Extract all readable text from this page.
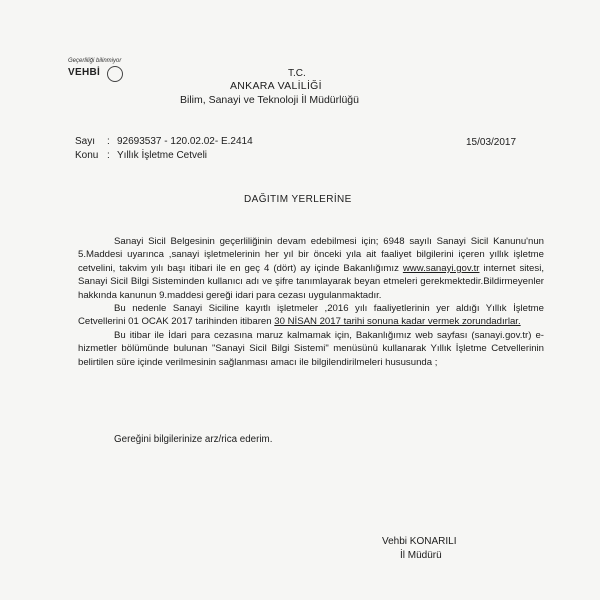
Geçerliliği bilinmiyor
VEHBİ	T.C.
ANKARA VALİLİĞİ
Bilim, Sanayi ve Teknoloji İl Müdürlüğü
Sayı	: 92693537 - 120.02.02- E.2414
Konu : Yıllık İşletme Cetveli
15/03/2017
DAĞITIM YERLERİNE

Sanayi Sicil Belgesinin geçerliliğinin devam edebilmesi için; 6948 sayılı Sanayi Sicil Kanunu'nun 5.Maddesi uyarınca ,sanayi işletmelerinin her yıl bir önceki yıla ait faaliyet bilgilerini içeren yıllık işletme cetvelini, takvim yılı başı itibari ile en geç 4 (dört) ay içinde Bakanlığımız www.sanayi.gov.tr internet sitesi, Sanayi Sicil Bilgi Sisteminden kullanıcı adı ve şifre tanımlayarak beyan etmeleri gerekmektedir.Bildirmeyenler hakkında kanunun 9.maddesi gereği idari para cezası uygulanmaktadır.

Bu nedenle Sanayi Siciline kayıtlı işletmeler ,2016 yılı faaliyetlerinin yer aldığı Yıllık İşletme Cetvellerini 01 OCAK 2017 tarihinden itibaren 30 NİSAN 2017 tarihi sonuna kadar vermek zorundadırlar.

Bu itibar ile İdari para cezasına maruz kalmamak için, Bakanlığımız web sayfası (sanayi.gov.tr) e-hizmetler bölümünde bulunan "Sanayi Sicil Bilgi Sistemi" menüsünü kullanarak Yıllık İşletme Cetvellerinin belirtilen süre içinde verilmesinin sağlanması amacı ile bilgilendirilmeleri hususunda ;

Gereğini bilgilerinize arz/rica ederim.
Vehbi KONARILI
İl Müdürü
